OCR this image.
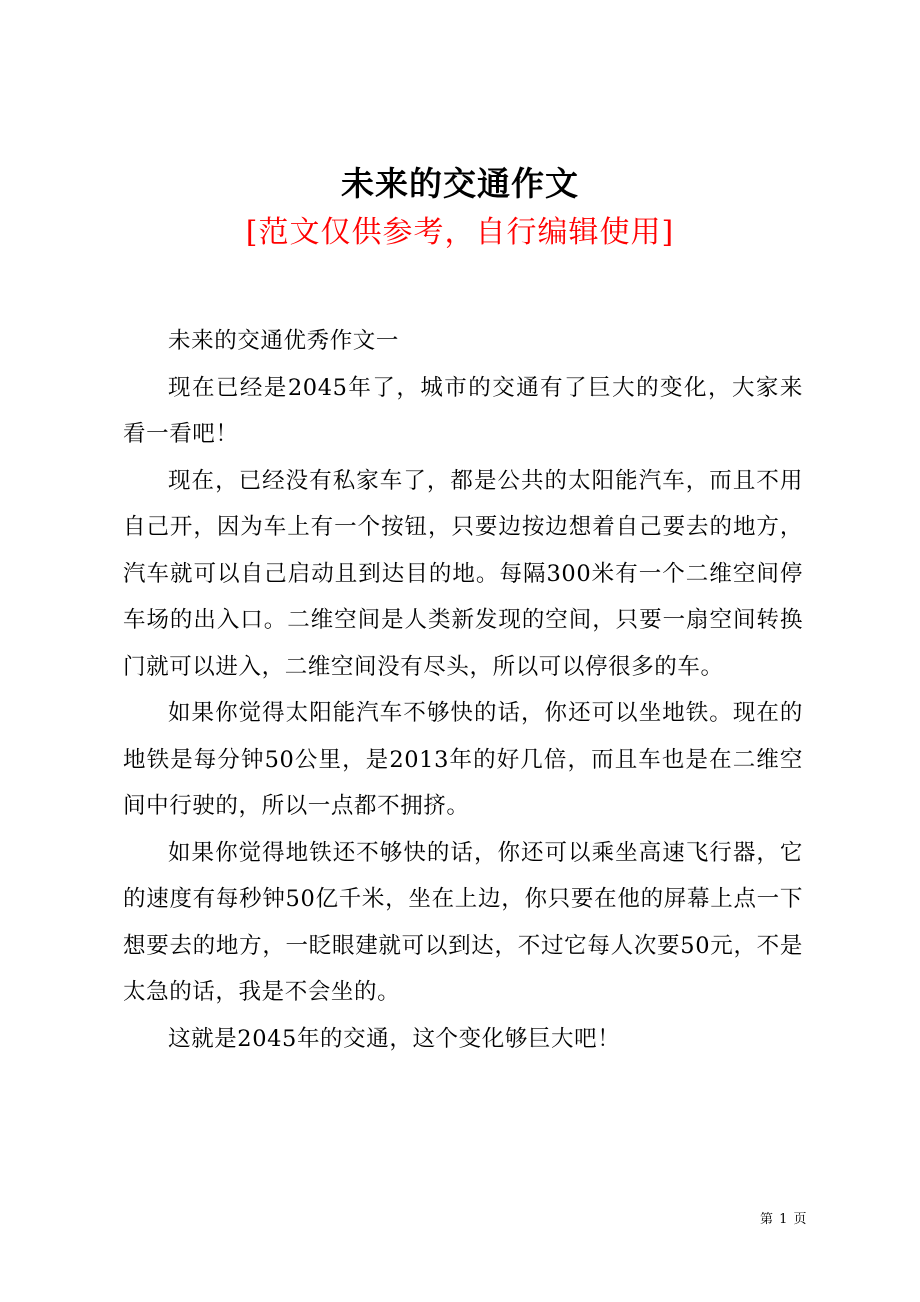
未来的交通作文
[范文仅供参考，自行编辑使用]

未来的交通优秀作文一

现在已经是2045年了，城市的交通有了巨大的变化，大家来看一看吧！

现在，已经没有私家车了，都是公共的太阳能汽车，而且不用自己开，因为车上有一个按钮，只要边按边想着自己要去的地方，汽车就可以自己启动且到达目的地。每隔300米有一个二维空间停车场的出入口。二维空间是人类新发现的空间，只要一扇空间转换门就可以进入，二维空间没有尽头，所以可以停很多的车。

如果你觉得太阳能汽车不够快的话，你还可以坐地铁。现在的地铁是每分钟50公里，是2013年的好几倍，而且车也是在二维空间中行驶的，所以一点都不拥挤。

如果你觉得地铁还不够快的话，你还可以乘坐高速飞行器，它的速度有每秒钟50亿千米，坐在上边，你只要在他的屏幕上点一下想要去的地方，一眨眼建就可以到达，不过它每人次要50元，不是太急的话，我是不会坐的。

这就是2045年的交通，这个变化够巨大吧！

第 1 页
